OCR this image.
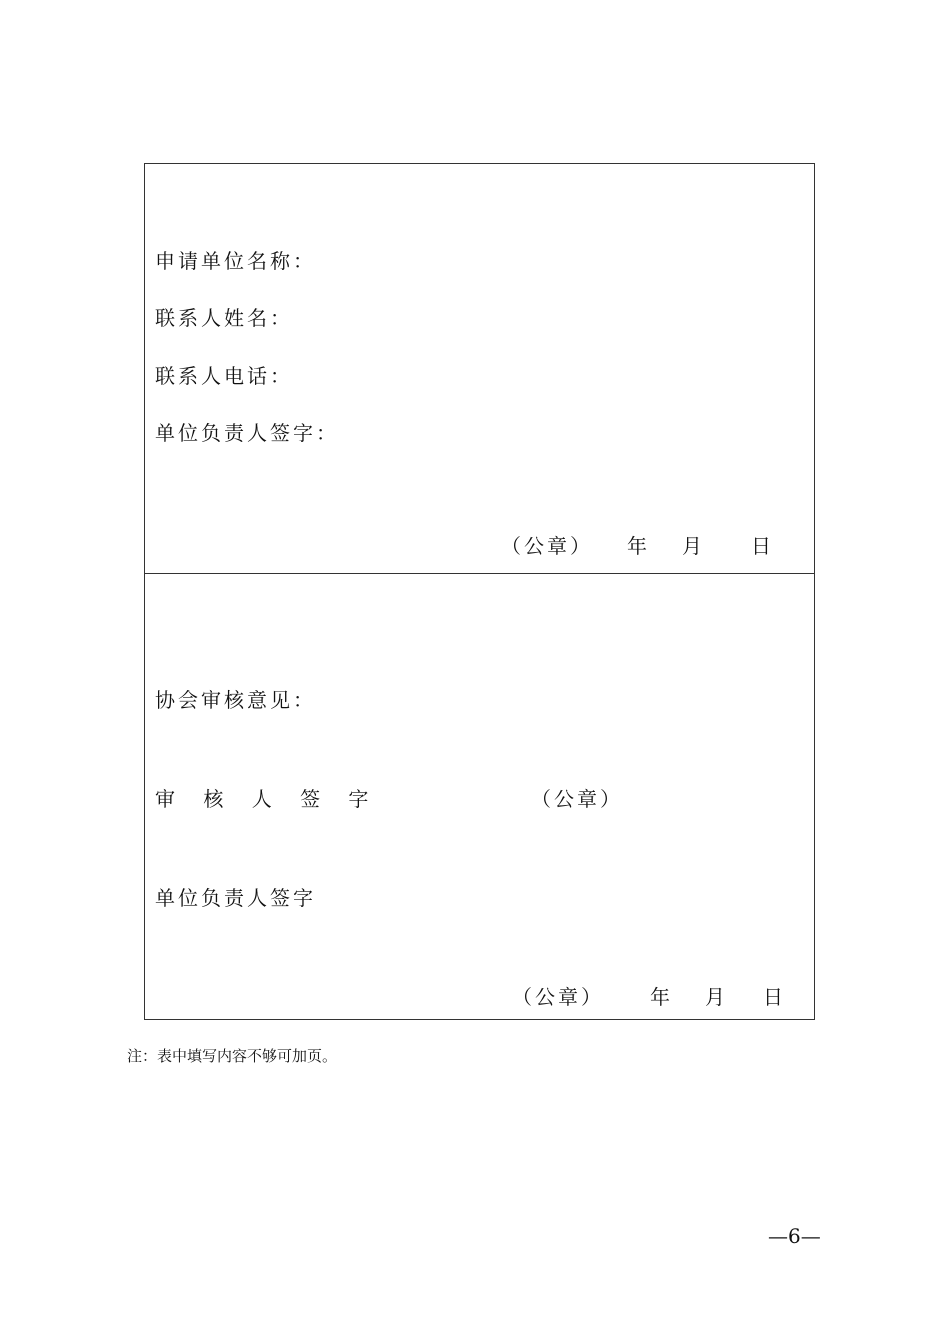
申请单位名称：
联系人姓名：
联系人电话：
单位负责人签字：
（公章） 年 月 日
协会审核意见：
审 核 人 签 字	（公章）
单位负责人签字
（公章） 年 月 日
注：表中填写内容不够可加页。
—6—
